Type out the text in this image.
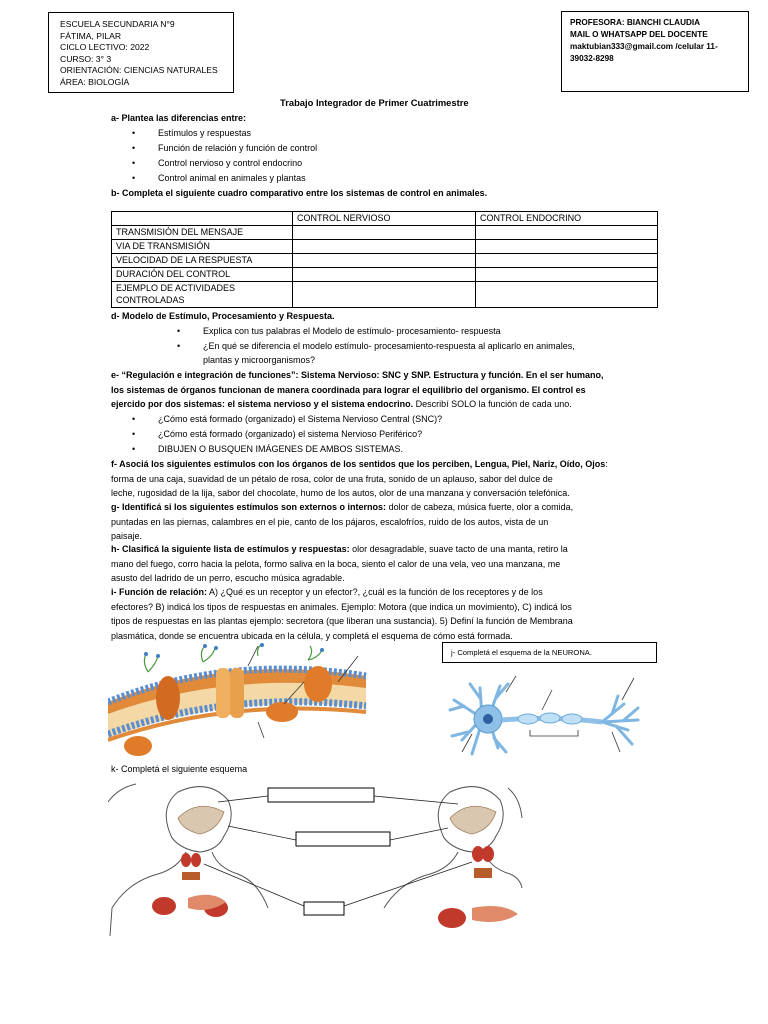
ESCUELA SECUNDARIA N°9
FÁTIMA, PILAR
CICLO LECTIVO: 2022
CURSO: 3° 3
ORIENTACIÓN: CIENCIAS NATURALES
ÁREA: BIOLOGÍA
PROFESORA: BIANCHI CLAUDIA
MAIL O WHATSAPP DEL DOCENTE
maktubian333@gmail.com /celular 11-
39032-8298
Trabajo Integrador de Primer Cuatrimestre
a- Plantea las diferencias entre:
•	Estímulos y respuestas
•	Función de relación y función de control
•	Control nervioso y control endocrino
•	Control animal en animales y plantas
b- Completa el siguiente cuadro comparativo entre los sistemas de control en animales.
	CONTROL NERVIOSO	CONTROL ENDOCRINO
TRANSMISIÓN DEL MENSAJE		
VIA DE TRANSMISIÓN		
VELOCIDAD DE LA RESPUESTA		
DURACIÓN DEL CONTROL		
EJEMPLO DE ACTIVIDADES CONTROLADAS		
d- Modelo de Estímulo, Procesamiento y Respuesta.
•	Explica con tus palabras el Modelo de estímulo- procesamiento- respuesta
•	¿En qué se diferencia el modelo estímulo- procesamiento-respuesta al aplicarlo en animales,
plantas y microorganismos?
e- “Regulación e integración de funciones”: Sistema Nervioso: SNC y SNP. Estructura y función. En el ser humano,
los sistemas de órganos funcionan de manera coordinada para lograr el equilibrio del organismo. El control es
ejercido por dos sistemas: el sistema nervioso y el sistema endocrino. Describí SOLO la función de cada uno.
•	¿Cómo está formado (organizado) el Sistema Nervioso Central (SNC)?
•	¿Cómo está formado (organizado) el sistema Nervioso Periférico?
•	DIBUJEN O BUSQUEN IMÁGENES DE AMBOS SISTEMAS.
f- Asociá los siguientes estímulos con los órganos de los sentidos que los perciben, Lengua, Piel, Nariz, Oído, Ojos:
forma de una caja, suavidad de un pétalo de rosa, color de una fruta, sonido de un aplauso, sabor del dulce de
leche, rugosidad de la lija, sabor del chocolate, humo de los autos, olor de una manzana y conversación telefónica.
g- Identificá si los siguientes estímulos son externos o internos: dolor de cabeza, música fuerte, olor a comida,
puntadas en las piernas, calambres en el pie, canto de los pájaros, escalofríos, ruido de los autos, vista de un
paisaje.
h- Clasificá la siguiente lista de estímulos y respuestas: olor desagradable, suave tacto de una manta, retiro la
mano del fuego, corro hacia la pelota, formo saliva en la boca, siento el calor de una vela, veo una manzana, me
asusto del ladrido de un perro, escucho música agradable.
i- Función de relación: A) ¿Qué es un receptor y un efector?, ¿cuál es la función de los receptores y de los
efectores? B) indicá los tipos de respuestas en animales. Ejemplo: Motora (que indica un movimiento), C) indicá los
tipos de respuestas en las plantas ejemplo: secretora (que liberan una sustancia). 5) Definí la función de Membrana
plasmática, donde se encuentra ubicada en la célula, y completá el esquema de cómo está formada.
j- Completá el esquema de la NEURONA.
k- Completá el siguiente esquema
